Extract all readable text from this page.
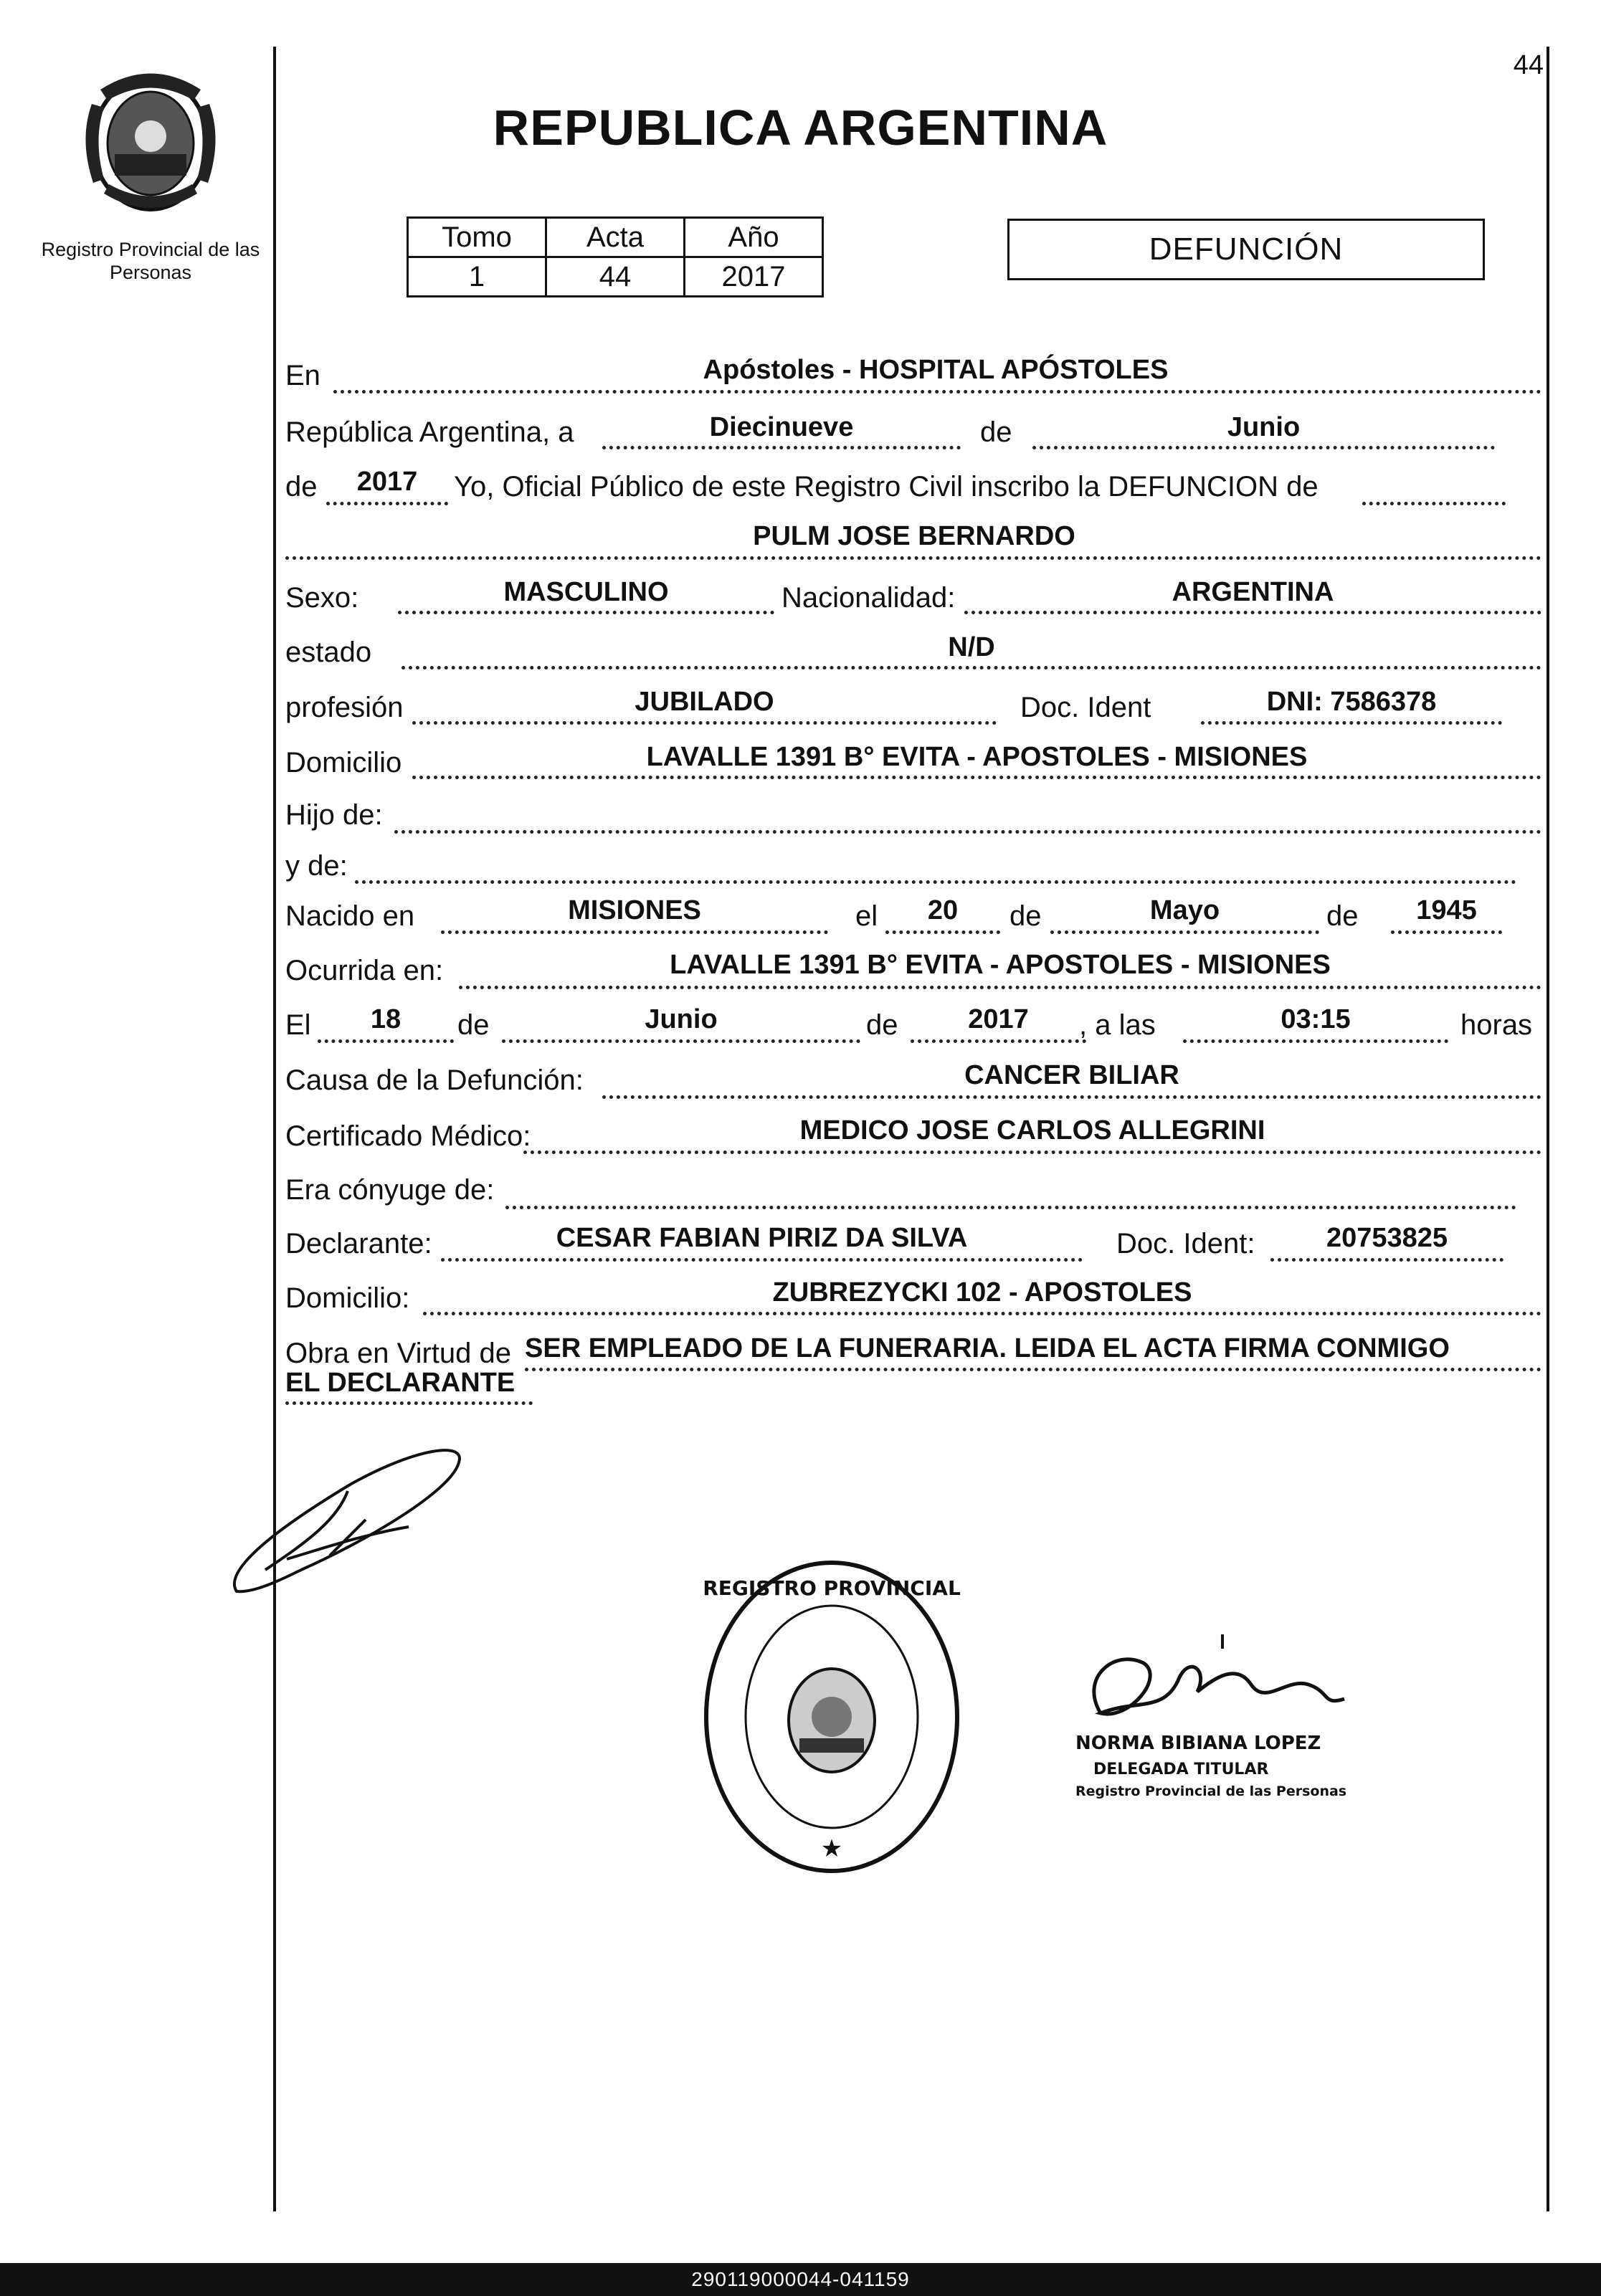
44
Registro Provincial de las Personas
REPUBLICA ARGENTINA
Tomo	Acta	Año
1	44	2017
DEFUNCIÓN
En	Apóstoles - HOSPITAL APÓSTOLES
República Argentina, a	Diecinueve	de	Junio
de	2017	Yo, Oficial Público de este Registro Civil inscribo la DEFUNCION de
PULM JOSE BERNARDO
Sexo:	MASCULINO	Nacionalidad:	ARGENTINA
estado	N/D
profesión	JUBILADO	Doc. Ident	DNI: 7586378
Domicilio	LAVALLE 1391 B° EVITA - APOSTOLES - MISIONES
Hijo de:
y de:
Nacido en	MISIONES	el	20	de	Mayo	de	1945
Ocurrida en:	LAVALLE 1391 B° EVITA - APOSTOLES - MISIONES
El	18	de	Junio	de	2017	, a las	03:15	horas
Causa de la Defunción:	CANCER BILIAR
Certificado Médico:	MEDICO JOSE CARLOS ALLEGRINI
Era cónyuge de:
Declarante:	CESAR FABIAN PIRIZ DA SILVA	Doc. Ident:	20753825
Domicilio:	ZUBREZYCKI 102 - APOSTOLES
Obra en Virtud de SER EMPLEADO DE LA FUNERARIA. LEIDA EL ACTA FIRMA CONMIGO
EL DECLARANTE
REGISTRO PROVINCIAL
★
NORMA BIBIANA LOPEZ
DELEGADA TITULAR
Registro Provincial de las Personas
290119000044-041159
